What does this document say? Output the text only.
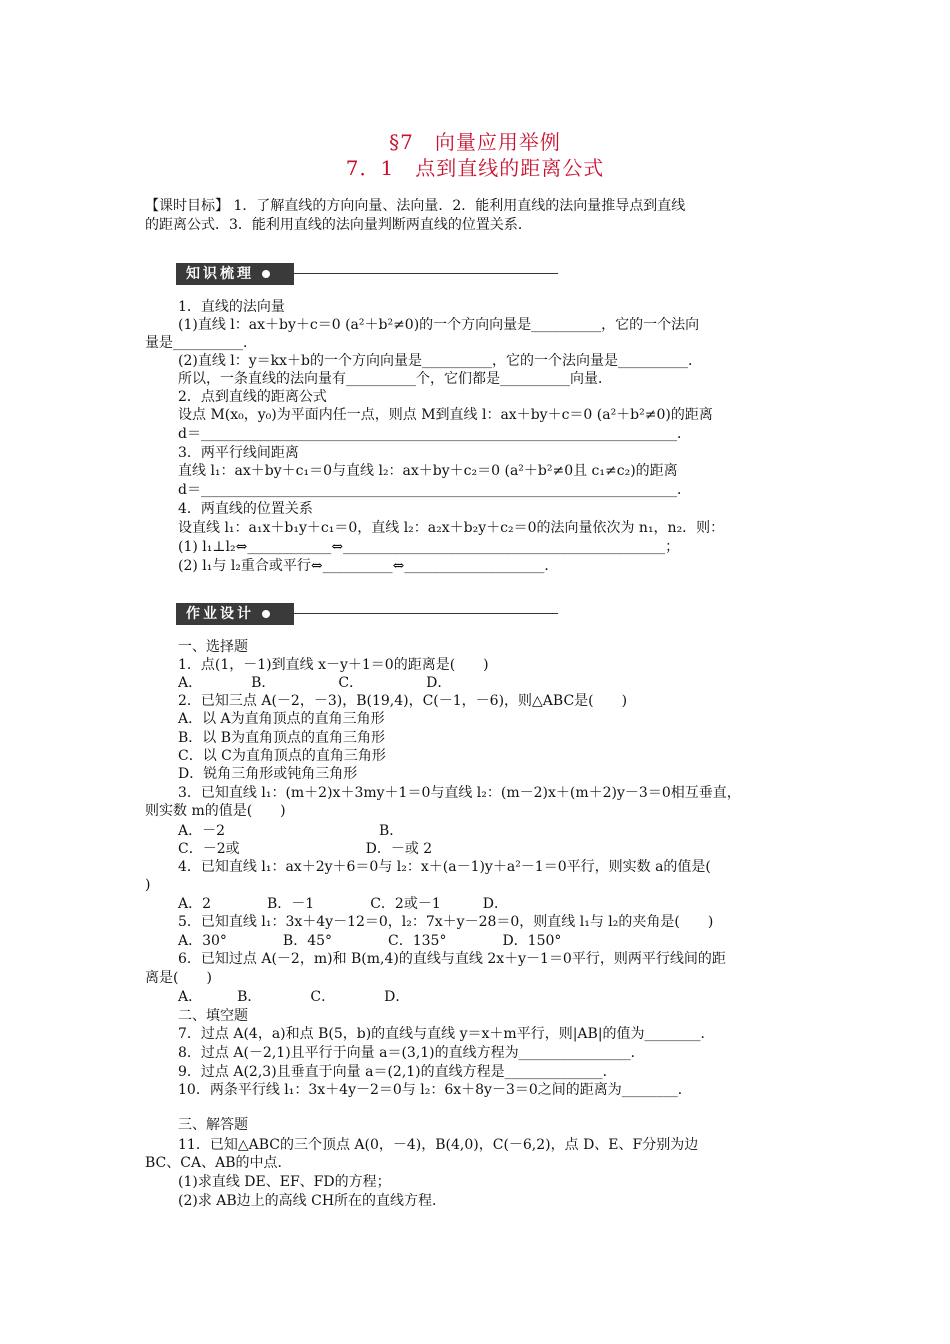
§7　向量应用举例
7．1　点到直线的距离公式
【课时目标】 1．了解直线的方向向量、法向量．2．能利用直线的法向量推导点到直线
的距离公式．3．能利用直线的法向量判断两直线的位置关系．
知识梳理
1．直线的法向量
(1)直线 l：ax＋by＋c＝0 (a²＋b²≠0)的一个方向向量是__________，它的一个法向
量是__________．
(2)直线 l：y＝kx＋b的一个方向向量是__________，它的一个法向量是__________．
所以，一条直线的法向量有__________个，它们都是__________向量．
2．点到直线的距离公式
设点 M(x₀，y₀)为平面内任一点，则点 M到直线 l：ax＋by＋c＝0 (a²＋b²≠0)的距离
d＝____________________________________________________________________．
3．两平行线间距离
直线 l₁：ax＋by＋c₁＝0与直线 l₂：ax＋by＋c₂＝0 (a²＋b²≠0且 c₁≠c₂)的距离
d＝____________________________________________________________________．
4．两直线的位置关系
设直线 l₁：a₁x＋b₁y＋c₁＝0，直线 l₂：a₂x＋b₂y＋c₂＝0的法向量依次为 n₁，n₂．则：
(1) l₁⊥l₂⇔____________⇔______________________________________________；
(2) l₁与 l₂重合或平行⇔__________⇔____________________．
作业设计
一、选择题
1．点(1，－1)到直线 x－y＋1＝0的距离是(　　)
A．　　　　B．　　　　　C．　　　　　D．
2．已知三点 A(－2，－3)，B(19,4)，C(－1，－6)，则△ABC是(　　)
A．以 A为直角顶点的直角三角形
B．以 B为直角顶点的直角三角形
C．以 C为直角顶点的直角三角形
D．锐角三角形或钝角三角形
3．已知直线 l₁：(m＋2)x＋3my＋1＝0与直线 l₂：(m－2)x＋(m＋2)y－3＝0相互垂直，
则实数 m的值是(　　)
A．－2　　　　　　　　　　　B．
C．－2或　　　　　　　　　D．－或 2
4．已知直线 l₁：ax＋2y＋6＝0与 l₂：x＋(a－1)y＋a²－1＝0平行，则实数 a的值是(
)
A．2　　　　B．－1　　　　C．2或－1　　　D．
5．已知直线 l₁：3x＋4y－12＝0，l₂：7x＋y－28＝0，则直线 l₁与 l₂的夹角是(　　)
A．30°　　　　B．45°　　　　C．135°　　　　D．150°
6．已知过点 A(－2，m)和 B(m,4)的直线与直线 2x＋y－1＝0平行，则两平行线间的距
离是(　　)
A．　　　B．　　　　C．　　　　D．
二、填空题
7．过点 A(4，a)和点 B(5，b)的直线与直线 y＝x＋m平行，则|AB|的值为________．
8．过点 A(－2,1)且平行于向量 a＝(3,1)的直线方程为________________．
9．过点 A(2,3)且垂直于向量 a＝(2,1)的直线方程是______________．
10．两条平行线 l₁：3x＋4y－2＝0与 l₂：6x＋8y－3＝0之间的距离为________．
三、解答题
11．已知△ABC的三个顶点 A(0，－4)，B(4,0)，C(－6,2)，点 D、E、F分别为边
BC、CA、AB的中点．
(1)求直线 DE、EF、FD的方程；
(2)求 AB边上的高线 CH所在的直线方程．
